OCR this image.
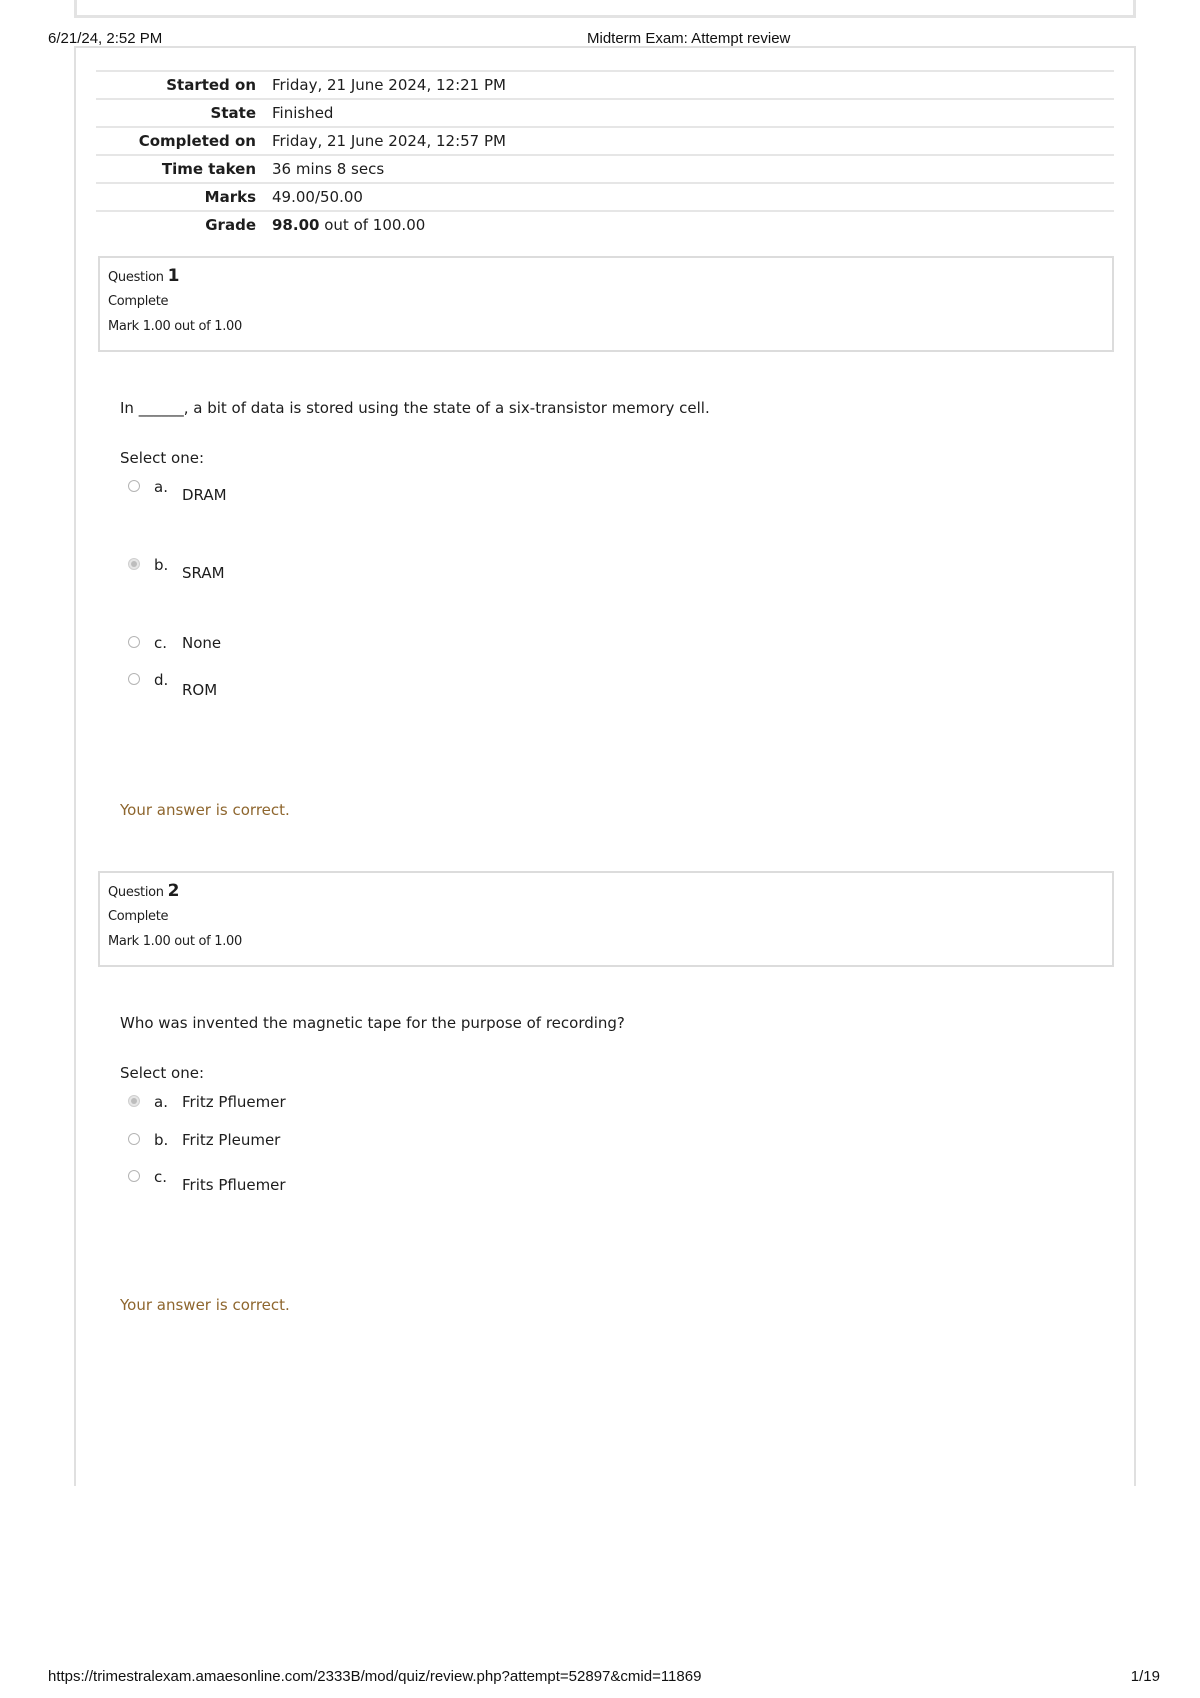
6/21/24, 2:52 PM	Midterm Exam: Attempt review
Started on	Friday, 21 June 2024, 12:21 PM
State	Finished
Completed on	Friday, 21 June 2024, 12:57 PM
Time taken	36 mins 8 secs
Marks	49.00/50.00
Grade	98.00 out of 100.00
Question 1
Complete
Mark 1.00 out of 1.00
In ______, a bit of data is stored using the state of a six-transistor memory cell.
Select one:
a. DRAM
b. SRAM
c. None
d.
ROM
Your answer is correct.
Question 2
Complete
Mark 1.00 out of 1.00
Who was invented the magnetic tape for the purpose of recording?
Select one:
a. Fritz Pfluemer
b. Fritz Pleumer
c. Frits Pfluemer
Your answer is correct.
https://trimestralexam.amaesonline.com/2333B/mod/quiz/review.php?attempt=52897&cmid=11869	1/19
